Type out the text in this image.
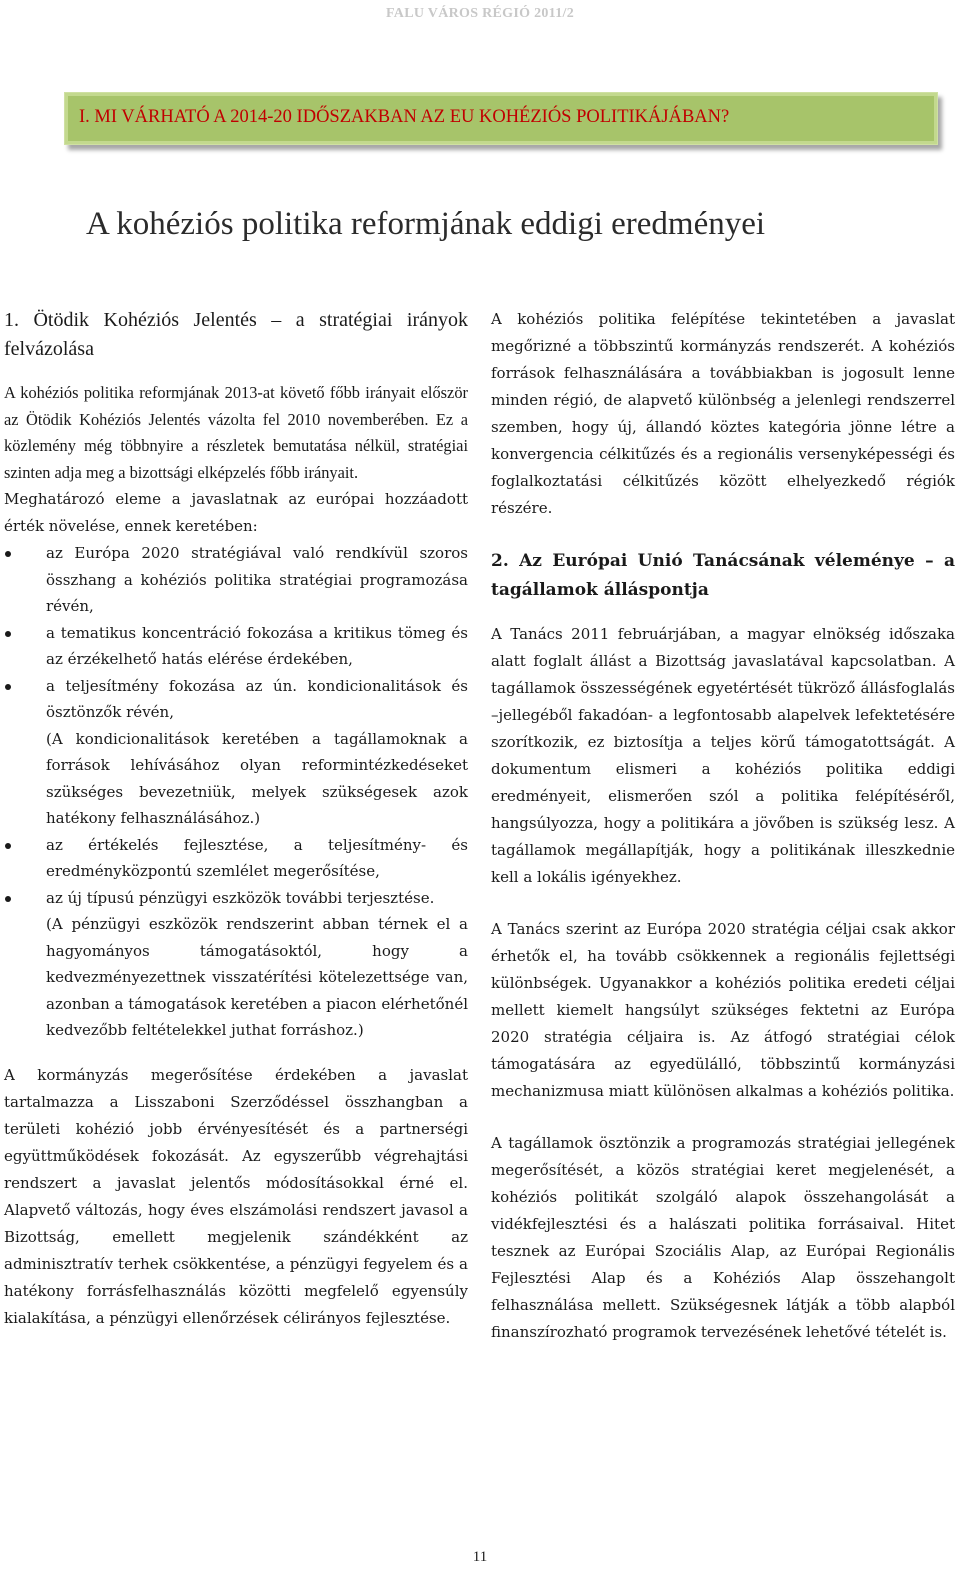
FALU VÁROS RÉGIÓ 2011/2
I. MI VÁRHATÓ A 2014-20 IDŐSZAKBAN AZ EU KOHÉZIÓS POLITIKÁJÁBAN?
A kohéziós politika reformjának eddigi eredményei
1. Ötödik Kohéziós Jelentés – a stratégiai irányok felvázolása

A kohéziós politika reformjának 2013-at követő főbb irányait először az Ötödik Kohéziós Jelentés vázolta fel 2010 novemberében. Ez a közlemény még többnyire a részletek bemutatása nélkül, stratégiai szinten adja meg a bizottsági elképzelés főbb irányait.

Meghatározó eleme a javaslatnak az európai hozzáadott érték növelése, ennek keretében:

az Európa 2020 stratégiával való rendkívül szoros összhang a kohéziós politika stratégiai programozása révén,
a tematikus koncentráció fokozása a kritikus tömeg és az érzékelhető hatás elérése érdekében,
a teljesítmény fokozása az ún. kondicionalitások és ösztönzők révén,
(A kondicionalitások keretében a tagállamoknak a források lehívásához olyan reformintézkedéseket szükséges bevezetniük, melyek szükségesek azok hatékony felhasználásához.)
az értékelés fejlesztése, a teljesítmény- és eredményközpontú szemlélet megerősítése,
az új típusú pénzügyi eszközök további terjesztése.
(A pénzügyi eszközök rendszerint abban térnek el a hagyományos támogatásoktól, hogy a kedvezményezettnek visszatérítési kötelezettsége van, azonban a támogatások keretében a piacon elérhetőnél kedvezőbb feltételekkel juthat forráshoz.)

A kormányzás megerősítése érdekében a javaslat tartalmazza a Lisszaboni Szerződéssel összhangban a területi kohézió jobb érvényesítését és a partnerségi együttműködések fokozását. Az egyszerűbb végrehajtási rendszert a javaslat jelentős módosításokkal érné el. Alapvető változás, hogy éves elszámolási rendszert javasol a Bizottság, emellett megjelenik szándékként az adminisztratív terhek csökkentése, a pénzügyi fegyelem és a hatékony forrásfelhasználás közötti megfelelő egyensúly kialakítása, a pénzügyi ellenőrzések célirányos fejlesztése.

A kohéziós politika felépítése tekintetében a javaslat megőrizné a többszintű kormányzás rendszerét. A kohéziós források felhasználására a továbbiakban is jogosult lenne minden régió, de alapvető különbség a jelenlegi rendszerrel szemben, hogy új, állandó köztes kategória jönne létre a konvergencia célkitűzés és a regionális versenyképességi és foglalkoztatási célkitűzés között elhelyezkedő régiók részére.

2. Az Európai Unió Tanácsának véleménye – a tagállamok álláspontja

A Tanács 2011 februárjában, a magyar elnökség időszaka alatt foglalt állást a Bizottság javaslatával kapcsolatban. A tagállamok összességének egyetértését tükröző állásfoglalás –jellegéből fakadóan- a legfontosabb alapelvek lefektetésére szorítkozik, ez biztosítja a teljes körű támogatottságát. A dokumentum elismeri a kohéziós politika eddigi eredményeit, elismerően szól a politika felépítéséről, hangsúlyozza, hogy a politikára a jövőben is szükség lesz. A tagállamok megállapítják, hogy a politikának illeszkednie kell a lokális igényekhez.

A Tanács szerint az Európa 2020 stratégia céljai csak akkor érhetők el, ha tovább csökkennek a regionális fejlettségi különbségek. Ugyanakkor a kohéziós politika eredeti céljai mellett kiemelt hangsúlyt szükséges fektetni az Európa 2020 stratégia céljaira is. Az átfogó stratégiai célok támogatására az egyedülálló, többszintű kormányzási mechanizmusa miatt különösen alkalmas a kohéziós politika.

A tagállamok ösztönzik a programozás stratégiai jellegének megerősítését, a közös stratégiai keret megjelenését, a kohéziós politikát szolgáló alapok összehangolását a vidékfejlesztési és a halászati politika forrásaival. Hitet tesznek az Európai Szociális Alap, az Európai Regionális Fejlesztési Alap és a Kohéziós Alap összehangolt felhasználása mellett. Szükségesnek látják a több alapból finanszírozható programok tervezésének lehetővé tételét is.

11
